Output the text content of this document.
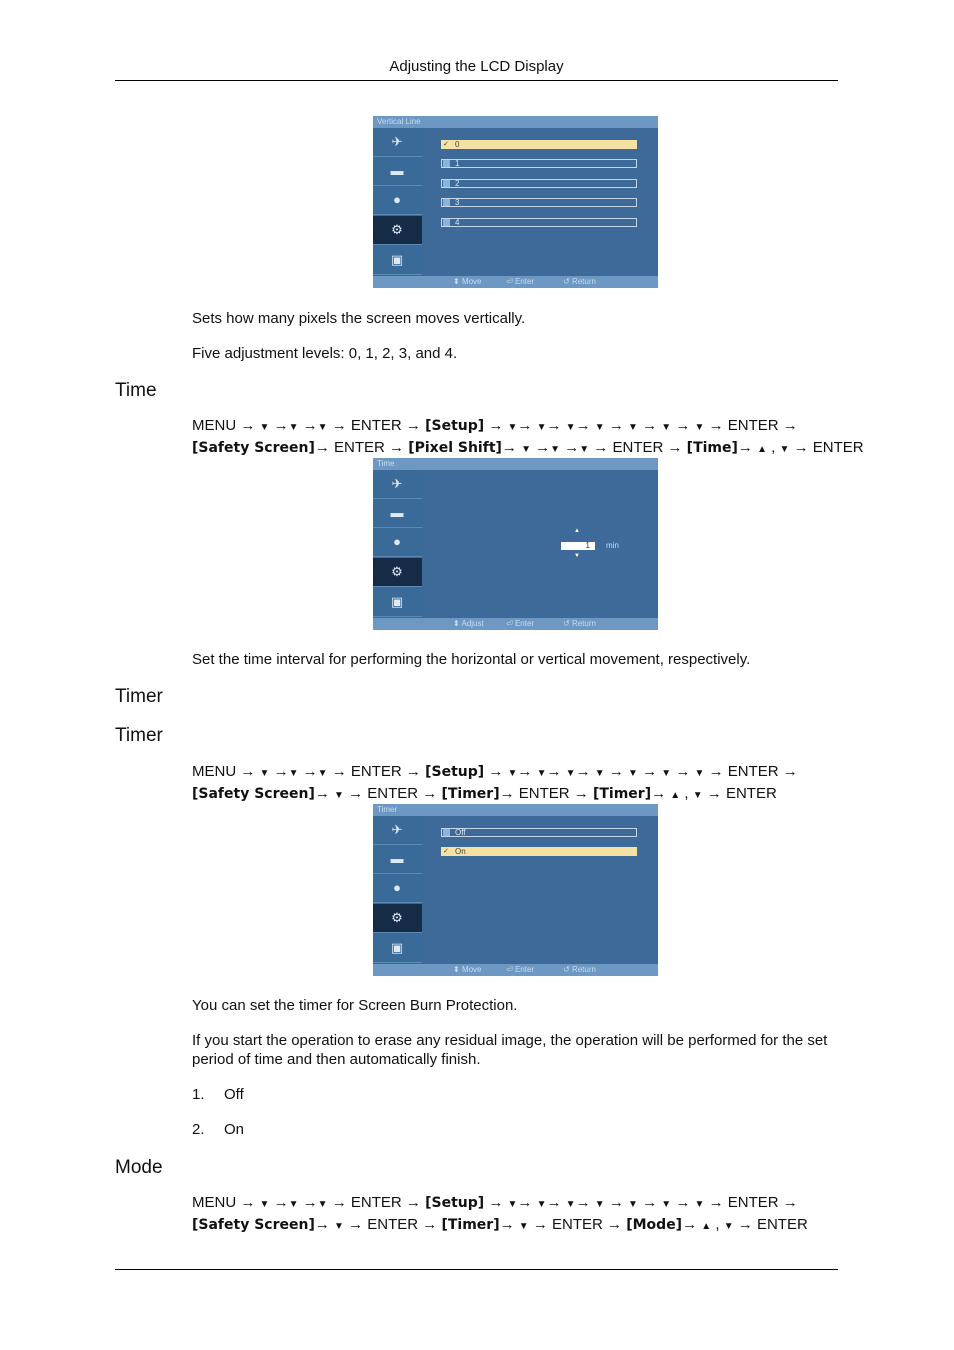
Adjusting the LCD Display
Vertical Line
✈
▬
●
⚙
▣
✓ 0
1
2
3
4
⬍ Move	⏎ Enter	↺ Return
Sets how many pixels the screen moves vertically.
Five adjustment levels: 0, 1, 2, 3, and 4.
Time
MENU → ▼ →▼ →▼ → ENTER → [Setup] → ▼→ ▼→ ▼→ ▼ → ▼ → ▼ → ▼ → ENTER →
[Safety Screen]→ ENTER → [Pixel Shift]→ ▼ →▼ →▼ → ENTER → [Time]→ ▲ , ▼ → ENTER
Time
✈
▬
●
⚙
▣
▲
1 min
▼
⬍ Adjust	⏎ Enter	↺ Return
Set the time interval for performing the horizontal or vertical movement, respectively.
Timer
Timer
MENU → ▼ →▼ →▼ → ENTER → [Setup] → ▼→ ▼→ ▼→ ▼ → ▼ → ▼ → ▼ → ENTER →
[Safety Screen]→ ▼ → ENTER → [Timer]→ ENTER → [Timer]→ ▲ , ▼ → ENTER
Timer
✈
▬
●
⚙
▣
Off
✓ On
⬍ Move	⏎ Enter	↺ Return
You can set the timer for Screen Burn Protection.
If you start the operation to erase any residual image, the operation will be performed for the set period of time and then automatically finish.
1. Off
2. On
Mode
MENU → ▼ →▼ →▼ → ENTER → [Setup] → ▼→ ▼→ ▼→ ▼ → ▼ → ▼ → ▼ → ENTER →
[Safety Screen]→ ▼ → ENTER → [Timer]→ ▼ → ENTER → [Mode]→ ▲ , ▼ → ENTER
